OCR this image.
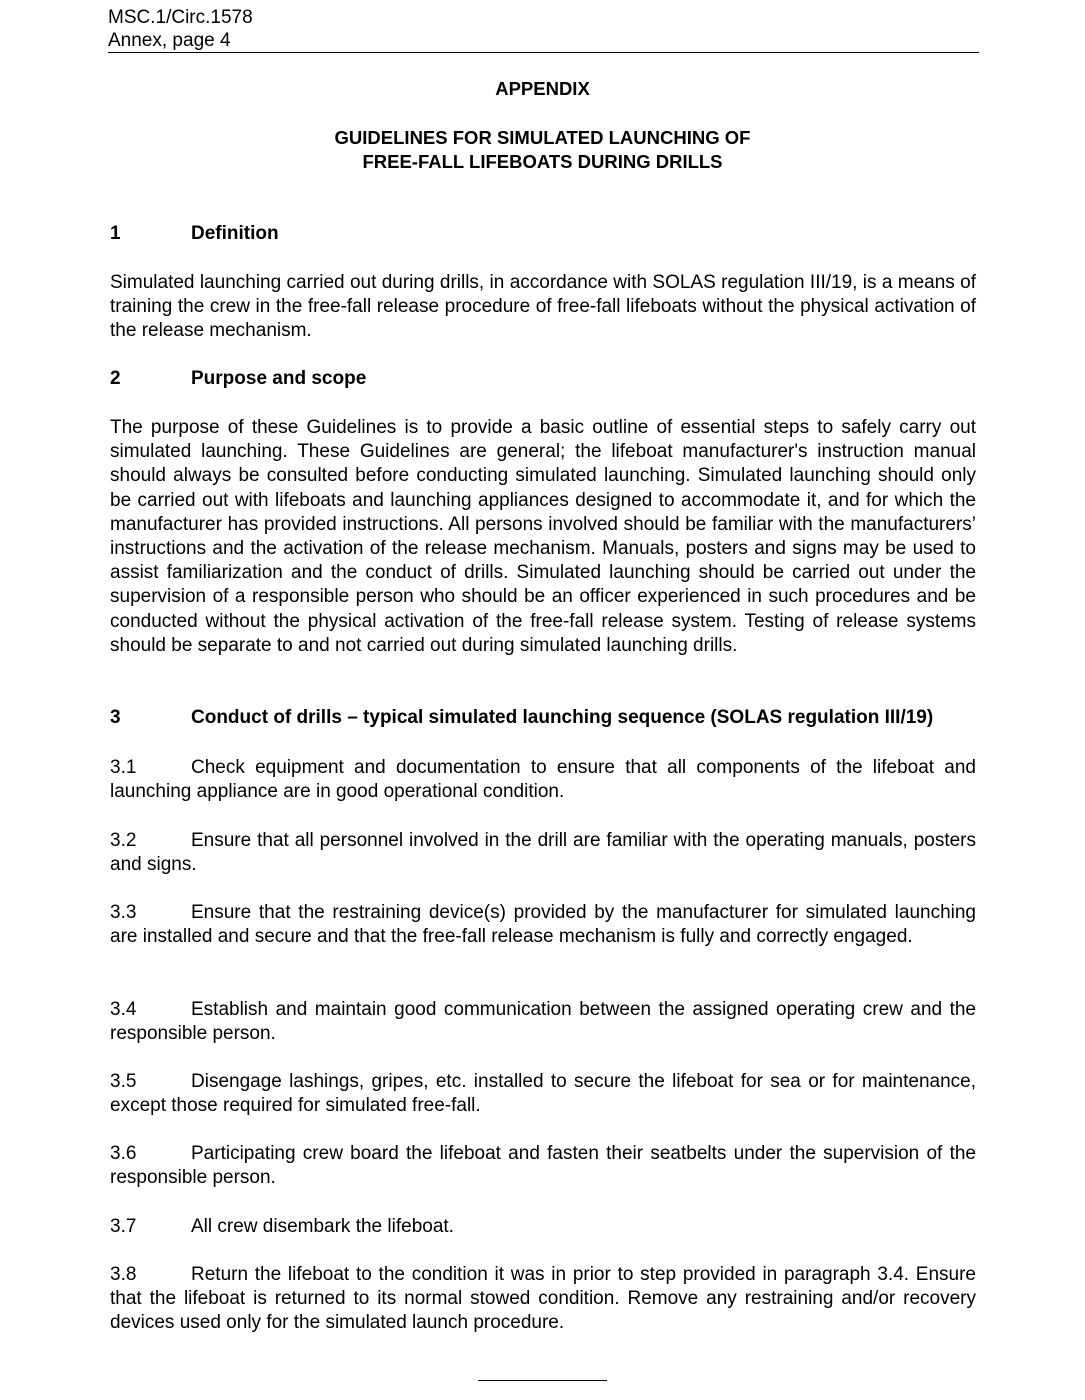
MSC.1/Circ.1578

Annex, page 4

APPENDIX
GUIDELINES FOR SIMULATED LAUNCHING OF
FREE-FALL LIFEBOATS DURING DRILLS
1	Definition

Simulated launching carried out during drills, in accordance with SOLAS regulation III/19, is a means of training the crew in the free-fall release procedure of free-fall lifeboats without the physical activation of the release mechanism.

2	Purpose and scope

The purpose of these Guidelines is to provide a basic outline of essential steps to safely carry out simulated launching. These Guidelines are general; the lifeboat manufacturer's instruction manual should always be consulted before conducting simulated launching. Simulated launching should only be carried out with lifeboats and launching appliances designed to accommodate it, and for which the manufacturer has provided instructions. All persons involved should be familiar with the manufacturers’ instructions and the activation of the release mechanism. Manuals, posters and signs may be used to assist familiarization and the conduct of drills. Simulated launching should be carried out under the supervision of a responsible person who should be an officer experienced in such procedures and be conducted without the physical activation of the free-fall release system. Testing of release systems should be separate to and not carried out during simulated launching drills.

3	Conduct of drills – typical simulated launching sequence (SOLAS regulation III/19)

3.1	Check equipment and documentation to ensure that all components of the lifeboat and launching appliance are in good operational condition.

3.2	Ensure that all personnel involved in the drill are familiar with the operating manuals, posters and signs.

3.3	Ensure that the restraining device(s) provided by the manufacturer for simulated launching are installed and secure and that the free-fall release mechanism is fully and correctly engaged.

3.4	Establish and maintain good communication between the assigned operating crew and the responsible person.

3.5	Disengage lashings, gripes, etc. installed to secure the lifeboat for sea or for maintenance, except those required for simulated free-fall.

3.6	Participating crew board the lifeboat and fasten their seatbelts under the supervision of the responsible person.

3.7	All crew disembark the lifeboat.

3.8	Return the lifeboat to the condition it was in prior to step provided in paragraph 3.4. Ensure that the lifeboat is returned to its normal stowed condition. Remove any restraining and/or recovery devices used only for the simulated launch procedure.
